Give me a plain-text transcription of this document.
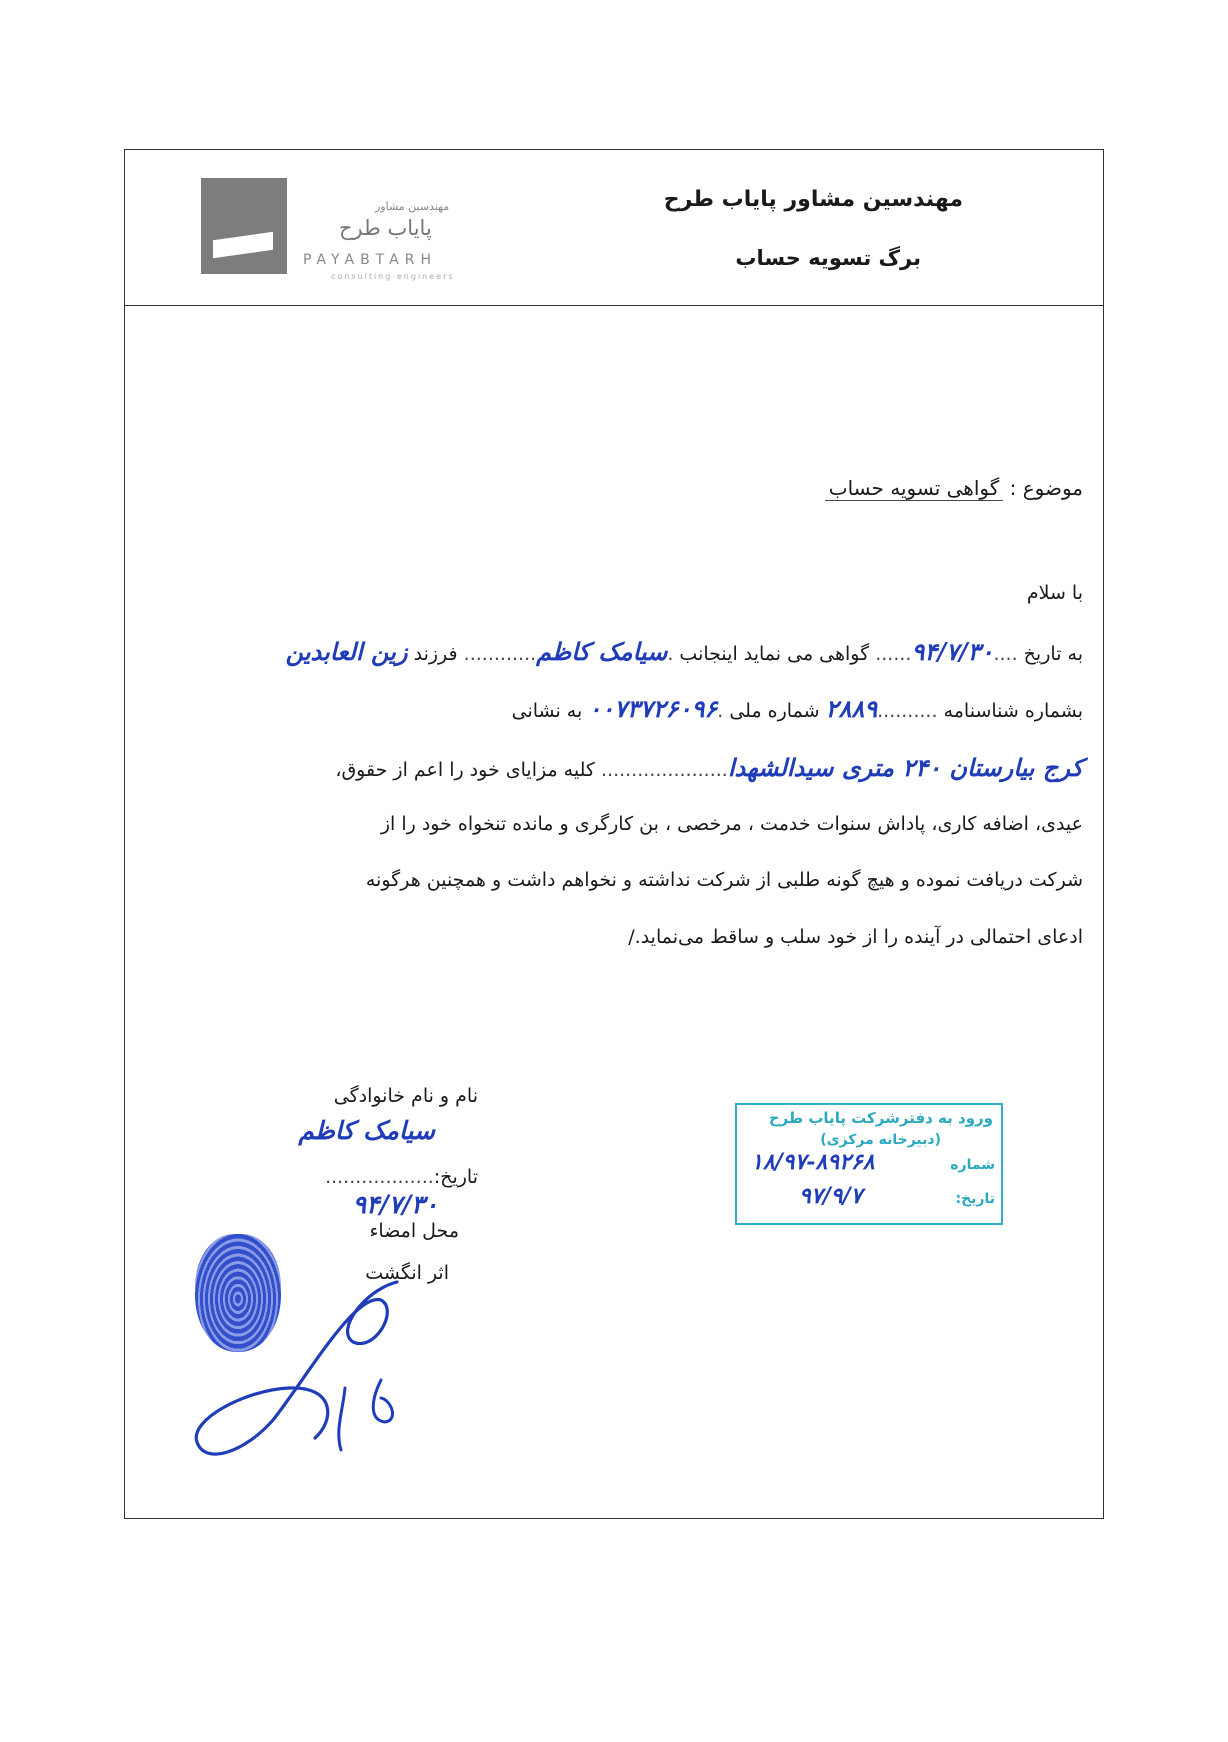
مهندسین مشاور
پایاب طرح
PAYABTARH
consulting engineers
مهندسین مشاور پایاب طرح
برگ تسویه حساب
موضوع : گواهی تسویه حساب
با سلام
به تاریخ ....۹۴/۷/۳۰...... گواهی می نماید اینجانب .سیامک کاظم............ فرزند زین العابدین
بشماره شناسنامه ..........۲۸۸۹ شماره ملی .۰۰۷۳۷۲۶۰۹۶ به نشانی
کرج بیارستان ۲۴۰ متری سیدالشهدا..................... کلیه مزایای خود را اعم از حقوق،
عیدی، اضافه کاری، پاداش سنوات خدمت ، مرخصی ، بن کارگری و مانده تنخواه خود را از
شرکت دریافت نموده و هیچ گونه طلبی از شرکت نداشته و نخواهم داشت و همچنین هرگونه
ادعای احتمالی در آینده را از خود سلب و ساقط می‌نماید./
نام و نام خانوادگی
سیامک کاظم
تاریخ:..................
۹۴/۷/۳۰
محل امضاء
اثر انگشت
ورود به دفترشرکت پایاب طرح
(دبیرخانه مرکزی)
شماره
۱۸/۹۷-۸۹۲۶۸
تاریخ:
۹۷/۹/۷
